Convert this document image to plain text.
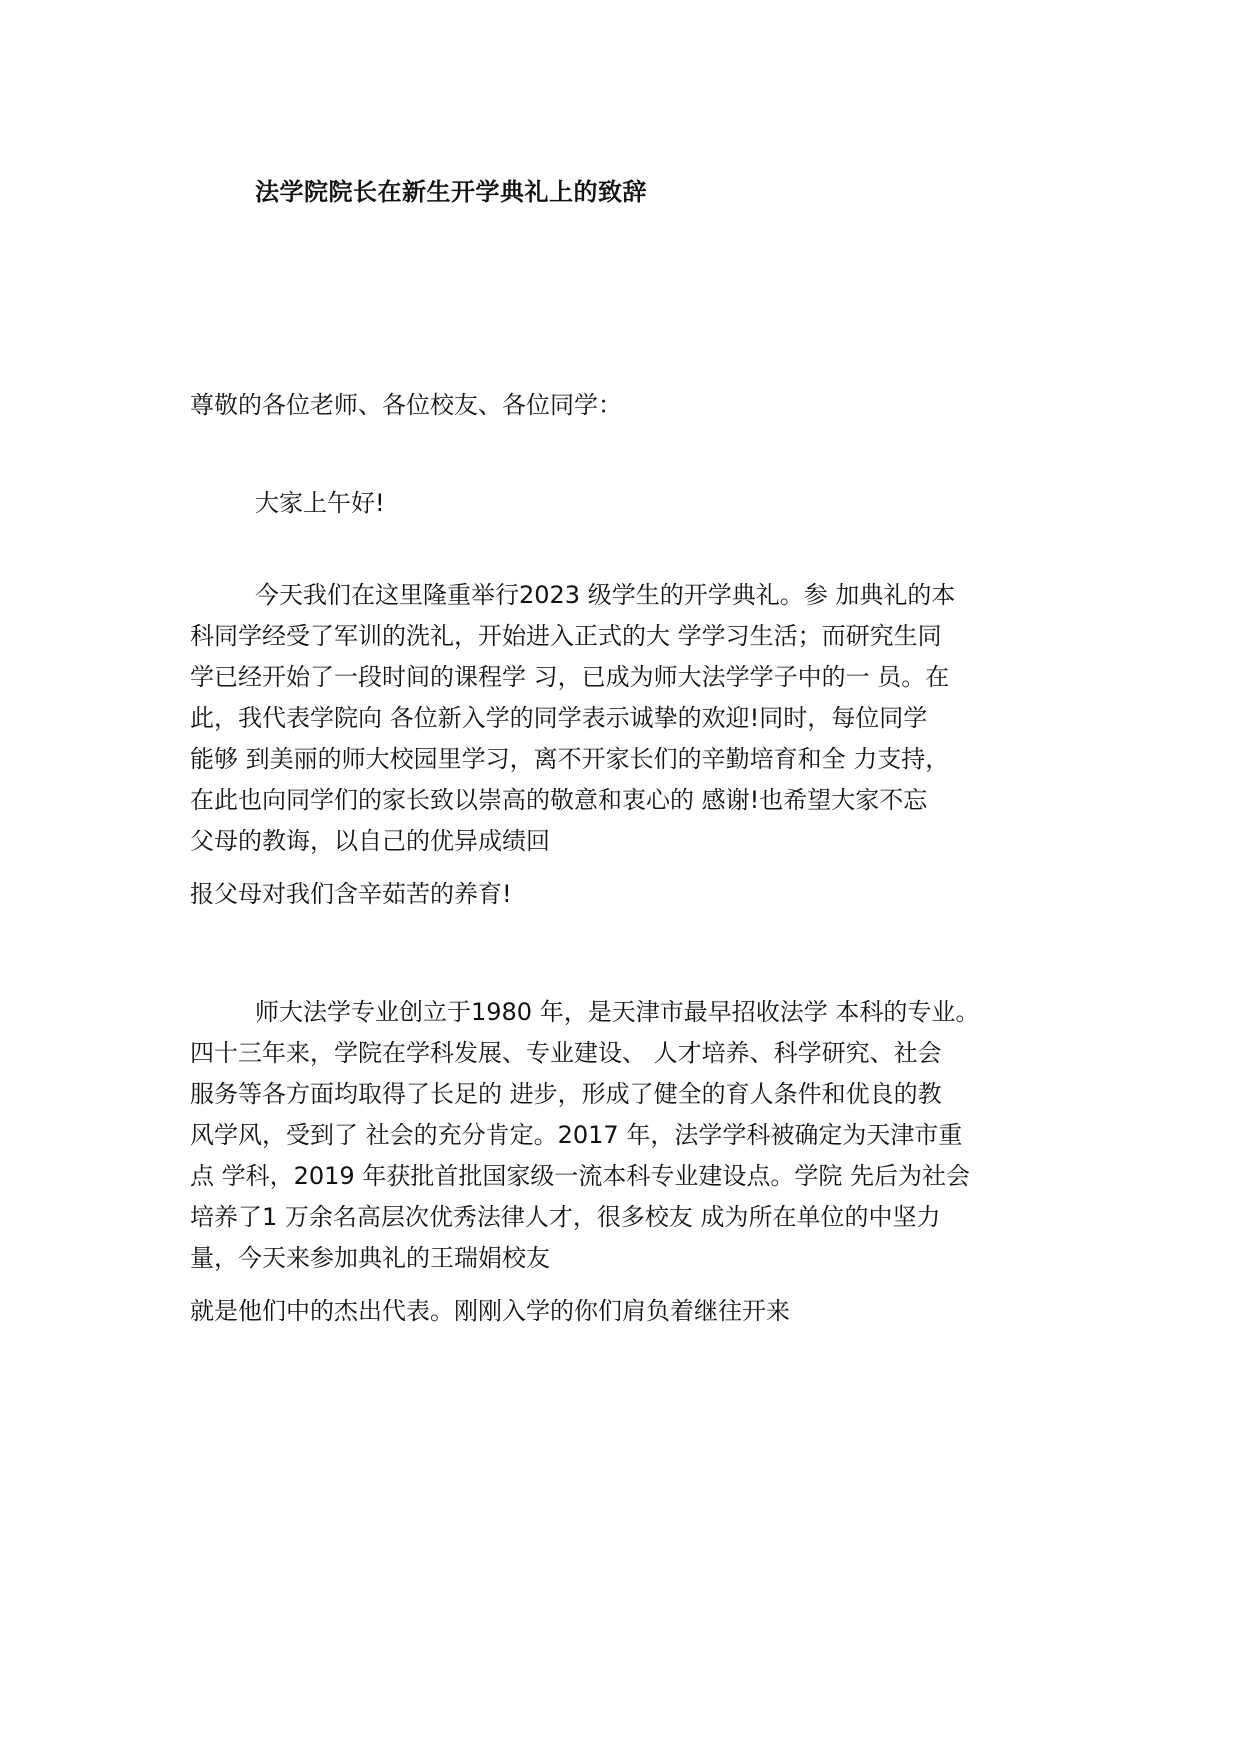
法学院院长在新生开学典礼上的致辞
尊敬的各位老师、各位校友、各位同学：
大家上午好!
今天我们在这里隆重举行2023 级学生的开学典礼。参 加典礼的本
科同学经受了军训的洗礼，开始进入正式的大 学学习生活；而研究生同
学已经开始了一段时间的课程学 习，已成为师大法学学子中的一 员。在
此，我代表学院向 各位新入学的同学表示诚挚的欢迎!同时，每位同学
能够 到美丽的师大校园里学习，离不开家长们的辛勤培育和全 力支持，
在此也向同学们的家长致以崇高的敬意和衷心的 感谢!也希望大家不忘
父母的教诲，以自己的优异成绩回
报父母对我们含辛茹苦的养育!
师大法学专业创立于1980 年，是天津市最早招收法学 本科的专业。
四十三年来，学院在学科发展、专业建设、 人才培养、科学研究、社会
服务等各方面均取得了长足的 进步，形成了健全的育人条件和优良的教
风学风，受到了 社会的充分肯定。2017 年，法学学科被确定为天津市重
点 学科，2019 年获批首批国家级一流本科专业建设点。学院 先后为社会
培养了1 万余名高层次优秀法律人才，很多校友 成为所在单位的中坚力
量，今天来参加典礼的王瑞娟校友
就是他们中的杰出代表。刚刚入学的你们肩负着继往开来
